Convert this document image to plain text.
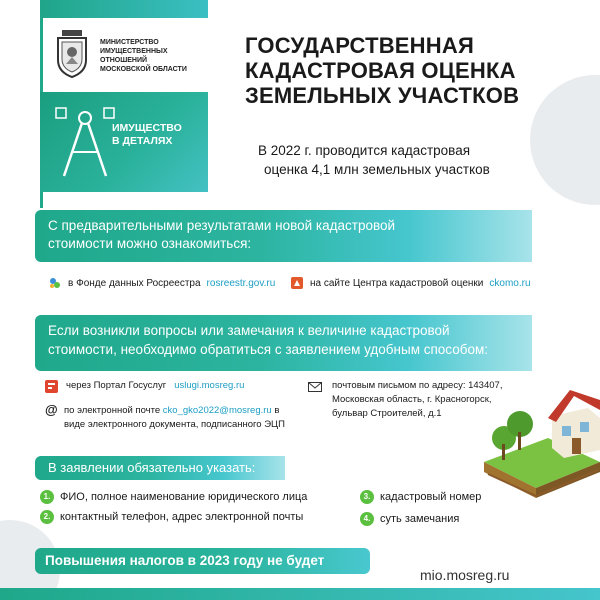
МИНИСТЕРСТВО
ИМУЩЕСТВЕННЫХ ОТНОШЕНИЙ
МОСКОВСКОЙ ОБЛАСТИ
ИМУЩЕСТВО
В ДЕТАЛЯХ
ГОСУДАРСТВЕННАЯ
КАДАСТРОВАЯ ОЦЕНКА
ЗЕМЕЛЬНЫХ УЧАСТКОВ
В 2022 г. проводится кадастровая
оценка 4,1 млн земельных участков
С предварительными результатами новой кадастровой
стоимости можно ознакомиться:
в Фонде данных Росреестра rosreestr.gov.ru	на сайте Центра кадастровой оценки ckomo.ru
Если возникли вопросы или замечания к величине кадастровой
стоимости, необходимо обратиться с заявлением удобным способом:
через Портал Госуслуг uslugi.mosreg.ru
@ по электронной почте cko_gko2022@mosreg.ru в
виде электронного документа, подписанного ЭЦП
почтовым письмом по адресу: 143407,
Московская область, г. Красногорск,
бульвар Строителей, д.1
В заявлении обязательно указать:
1. ФИО, полное наименование юридического лица
2. контактный телефон, адрес электронной почты
3. кадастровый номер
4. суть замечания
Повышения налогов в 2023 году не будет
mio.mosreg.ru
